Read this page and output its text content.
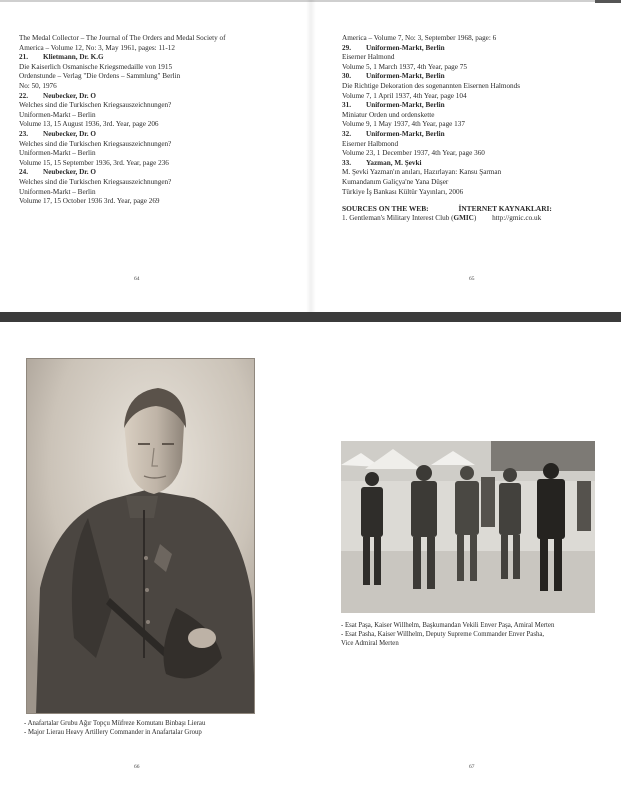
The Medal Collector – The Journal of The Orders and Medal Society of
America – Volume 12, No: 3, May 1961, pages: 11-12
21. Klietmann, Dr. K.G
Die Kaiserlich Osmanische Kriegsmedaille von 1915
Ordenstunde – Verlag "Die Ordens – Sammlung" Berlin
No: 50, 1976
22. Neubecker, Dr. O
Welches sind die Turkischen Kriegsauszeichnungen?
Uniformen-Markt – Berlin
Volume 13, 15 August 1936, 3rd. Year, page 206
23. Neubecker, Dr. O
Welches sind die Turkischen Kriegsauszeichnungen?
Uniformen-Markt – Berlin
Volume 15, 15 September 1936, 3rd. Year, page 236
24. Neubecker, Dr. O
Welches sind die Turkischen Kriegsauszeichnungen?
Uniformen-Markt – Berlin
Volume 17, 15 October 1936 3rd. Year, page 269
America – Volume 7, No: 3, September 1968, page: 6
29. Uniformen-Markt, Berlin
Eiserner Halmond
Volume 5, 1 March 1937, 4th Year, page 75
30. Uniformen-Markt, Berlin
Die Richtige Dekoration des sogenannten Eisernen Halmonds
Volume 7, 1 April 1937, 4th Year, page 104
31. Uniformen-Markt, Berlin
Miniatur Orden und ordenskette
Volume 9, 1 May 1937, 4th Year, page 137
32. Uniformen-Markt, Berlin
Eiserner Halbmond
Volume 23, 1 December 1937, 4th Year, page 360
33. Yazman, M. Şevki
M. Şevki Yazman'ın anıları, Hazırlayan: Kansu Şarman
Kumandanım Galiçya'ne Yana Düşer
Türkiye İş Bankası Kültür Yayınları, 2006
SOURCES ON THE WEB:	İNTERNET KAYNAKLARI:
1. Gentleman's Military Interest Club (GMIC) http://gmic.co.uk
64	65
- Anafartalar Grubu Ağır Topçu Müfreze Komutanı Binbaşı Lierau
- Major Lierau Heavy Artillery Commander in Anafartalar Group
- Esat Paşa, Kaiser Willhelm, Başkumandan Vekili Enver Paşa, Amiral Merten
- Esat Pasha, Kaiser Willhelm, Deputy Supreme Commander Enver Pasha,
Vice Admiral Merten
66	67
